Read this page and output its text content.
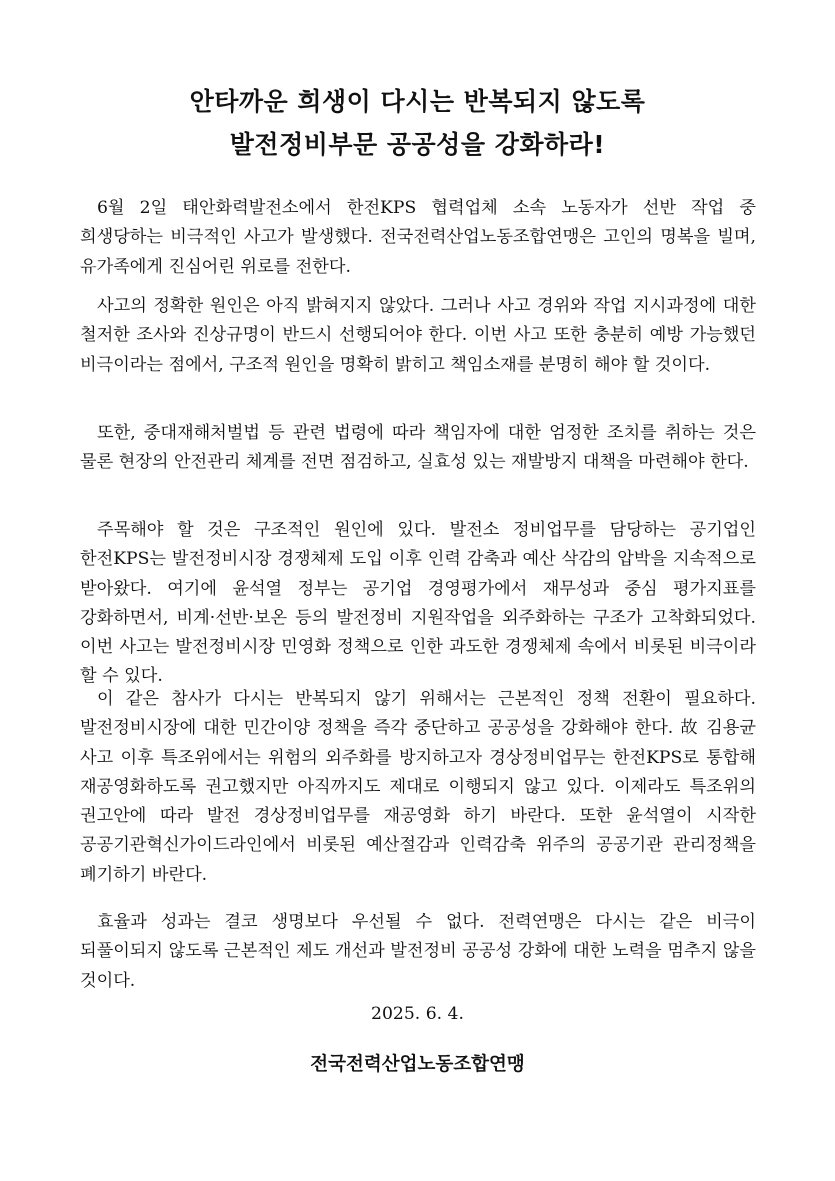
안타까운 희생이 다시는 반복되지 않도록
발전정비부문 공공성을 강화하라!

6월 2일 태안화력발전소에서 한전KPS 협력업체 소속 노동자가 선반 작업 중 희생당하는 비극적인 사고가 발생했다. 전국전력산업노동조합연맹은 고인의 명복을 빌며, 유가족에게 진심어린 위로를 전한다.

사고의 정확한 원인은 아직 밝혀지지 않았다. 그러나 사고 경위와 작업 지시과정에 대한 철저한 조사와 진상규명이 반드시 선행되어야 한다. 이번 사고 또한 충분히 예방 가능했던 비극이라는 점에서, 구조적 원인을 명확히 밝히고 책임소재를 분명히 해야 할 것이다.

또한, 중대재해처벌법 등 관련 법령에 따라 책임자에 대한 엄정한 조치를 취하는 것은 물론 현장의 안전관리 체계를 전면 점검하고, 실효성 있는 재발방지 대책을 마련해야 한다.

주목해야 할 것은 구조적인 원인에 있다. 발전소 정비업무를 담당하는 공기업인 한전KPS는 발전정비시장 경쟁체제 도입 이후 인력 감축과 예산 삭감의 압박을 지속적으로 받아왔다. 여기에 윤석열 정부는 공기업 경영평가에서 재무성과 중심 평가지표를 강화하면서, 비계·선반·보온 등의 발전정비 지원작업을 외주화하는 구조가 고착화되었다. 이번 사고는 발전정비시장 민영화 정책으로 인한 과도한 경쟁체제 속에서 비롯된 비극이라 할 수 있다.

이 같은 참사가 다시는 반복되지 않기 위해서는 근본적인 정책 전환이 필요하다. 발전정비시장에 대한 민간이양 정책을 즉각 중단하고 공공성을 강화해야 한다. 故 김용균 사고 이후 특조위에서는 위험의 외주화를 방지하고자 경상정비업무는 한전KPS로 통합해 재공영화하도록 권고했지만 아직까지도 제대로 이행되지 않고 있다. 이제라도 특조위의 권고안에 따라 발전 경상정비업무를 재공영화 하기 바란다. 또한 윤석열이 시작한 공공기관혁신가이드라인에서 비롯된 예산절감과 인력감축 위주의 공공기관 관리정책을 폐기하기 바란다.

효율과 성과는 결코 생명보다 우선될 수 없다. 전력연맹은 다시는 같은 비극이 되풀이되지 않도록 근본적인 제도 개선과 발전정비 공공성 강화에 대한 노력을 멈추지 않을 것이다.

2025. 6. 4.
전국전력산업노동조합연맹
